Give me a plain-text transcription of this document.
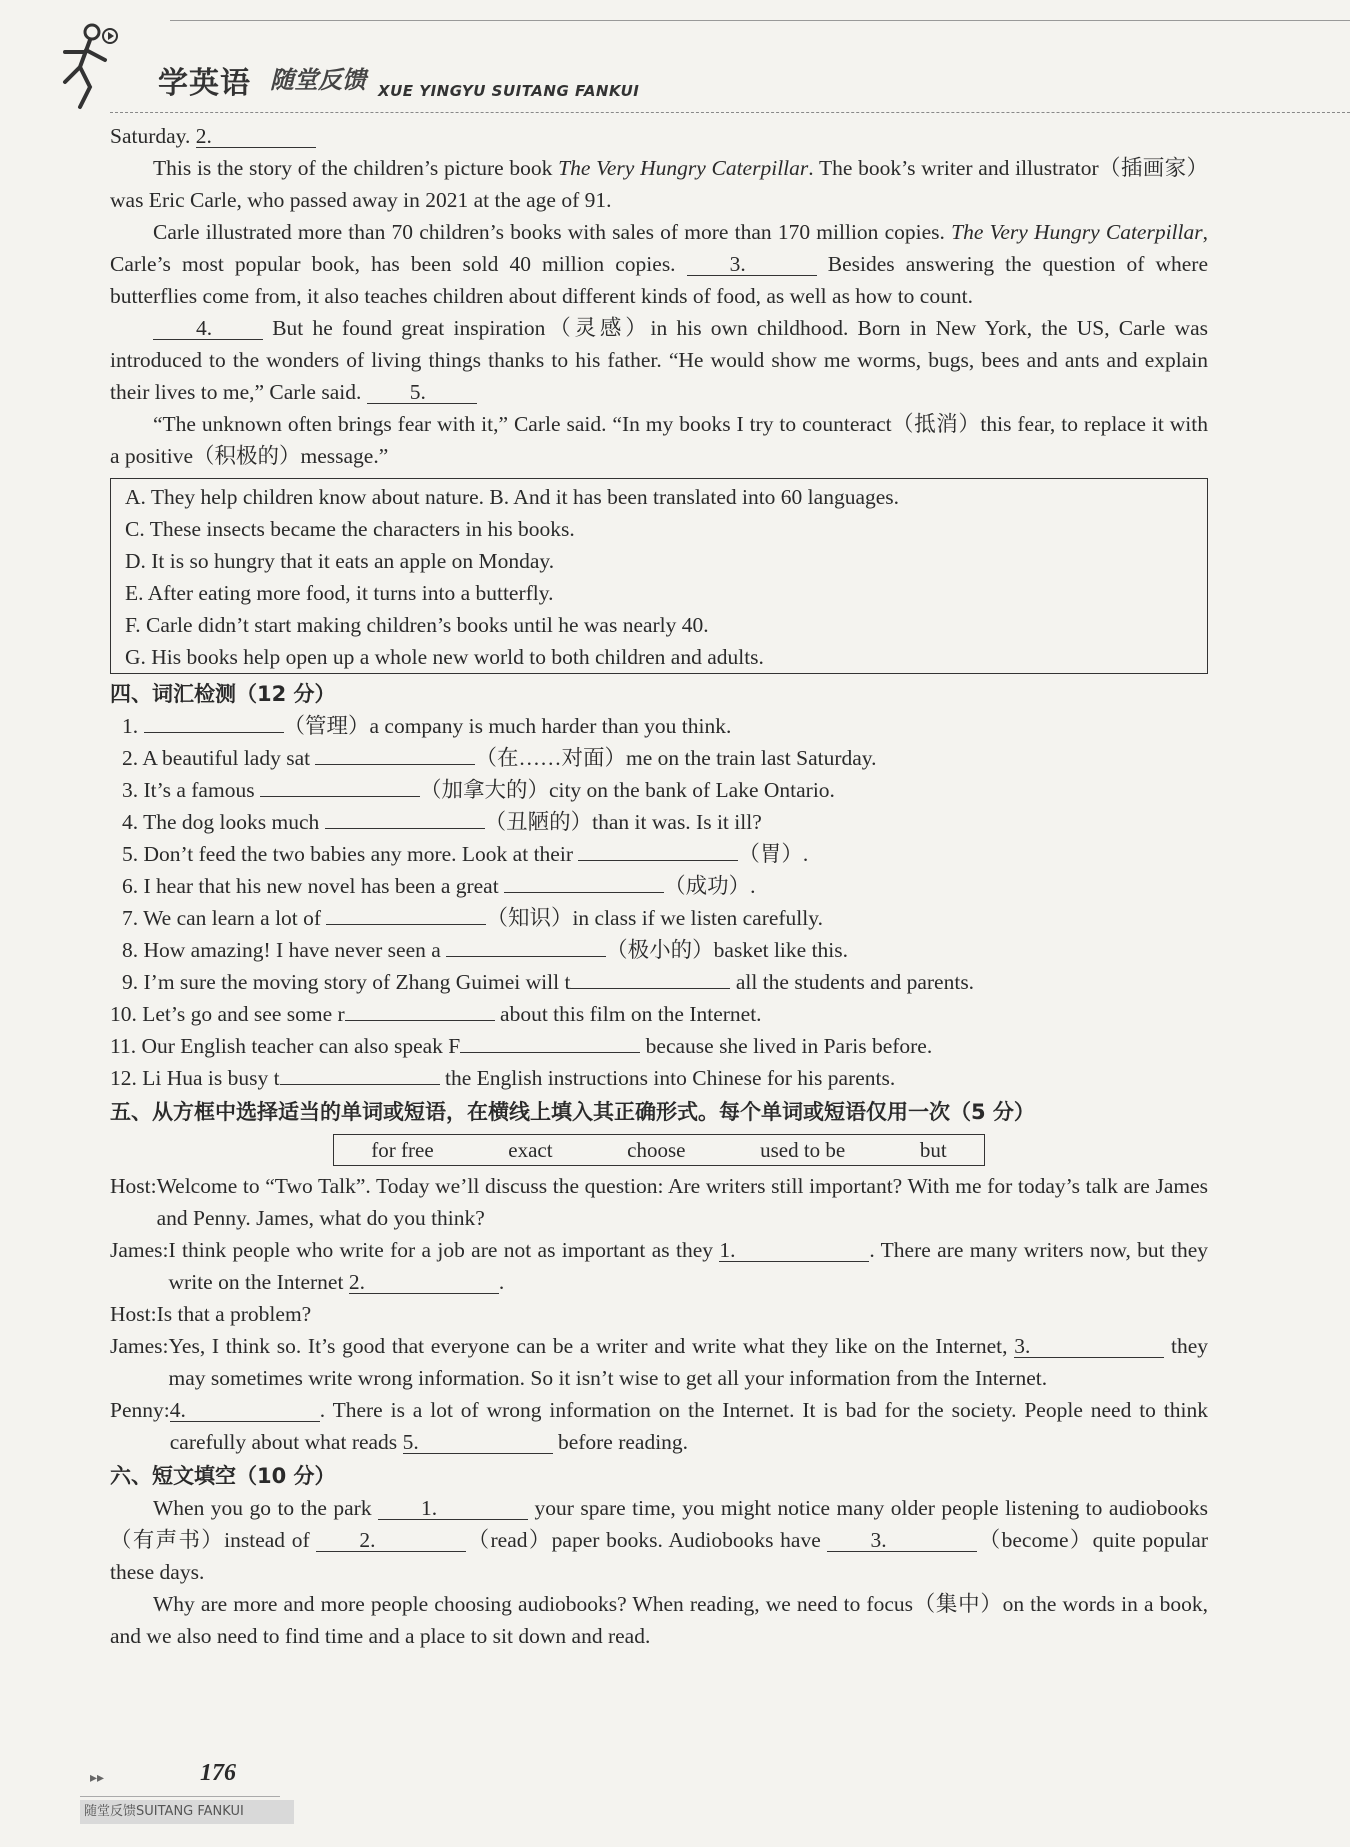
学英语 随堂反馈 XUE YINGYU SUITANG FANKUI

Saturday. 2.

This is the story of the children’s picture book The Very Hungry Caterpillar. The book’s writer and illustrator（插画家）was Eric Carle, who passed away in 2021 at the age of 91.

Carle illustrated more than 70 children’s books with sales of more than 170 million copies. The Very Hungry Caterpillar, Carle’s most popular book, has been sold 40 million copies. 3.	Besides answering the question of where butterflies come from, it also teaches children about different kinds of food, as well as how to count.

4. But he found great inspiration（灵感）in his own childhood. Born in New York, the US, Carle was introduced to the wonders of living things thanks to his father. “He would show me worms, bugs, bees and ants and explain their lives to me,” Carle said. 5.

“The unknown often brings fear with it,” Carle said. “In my books I try to counteract（抵消）this fear, to replace it with a positive（积极的）message.”

A. They help children know about nature. B. And it has been translated into 60 languages.
C. These insects became the characters in his books.
D. It is so hungry that it eats an apple on Monday.
E. After eating more food, it turns into a butterfly.
F. Carle didn’t start making children’s books until he was nearly 40.
G. His books help open up a whole new world to both children and adults.
四、词汇检测（12 分）
1.	（管理）a company is much harder than you think.
2. A beautiful lady sat	（在……对面）me on the train last Saturday.
3. It’s a famous	（加拿大的）city on the bank of Lake Ontario.
4. The dog looks much	（丑陋的）than it was. Is it ill?
5. Don’t feed the two babies any more. Look at their	（胃）.
6. I hear that his new novel has been a great	（成功）.
7. We can learn a lot of	（知识）in class if we listen carefully.
8. How amazing! I have never seen a	（极小的）basket like this.
9. I’m sure the moving story of Zhang Guimei will t	all the students and parents.
10. Let’s go and see some r	about this film on the Internet.
11. Our English teacher can also speak F	because she lived in Paris before.
12. Li Hua is busy t	the English instructions into Chinese for his parents.
五、从方框中选择适当的单词或短语，在横线上填入其正确形式。每个单词或短语仅用一次（5 分）
for free	exact	choose	used to be	but
Host: Welcome to “Two Talk”. Today we’ll discuss the question: Are writers still important? With me for today’s talk are James and Penny. James, what do you think?
James: I think people who write for a job are not as important as they 1.	. There are many writers now, but they write on the Internet 2.	.
Host: Is that a problem?
James: Yes, I think so. It’s good that everyone can be a writer and write what they like on the Internet, 3.	they may sometimes write wrong information. So it isn’t wise to get all your information from the Internet.
Penny: 4.	. There is a lot of wrong information on the Internet. It is bad for the society. People need to think carefully about what reads 5.	before reading.
六、短文填空（10 分）

When you go to the park 1.	your spare time, you might notice many older people listening to audiobooks（有声书）instead of 2.	（read）paper books. Audiobooks have 3.	（become）quite popular these days.

Why are more and more people choosing audiobooks? When reading, we need to focus（集中）on the words in a book, and we also need to find time and a place to sit down and read.

▸▸	176
随堂反馈SUITANG FANKUI
